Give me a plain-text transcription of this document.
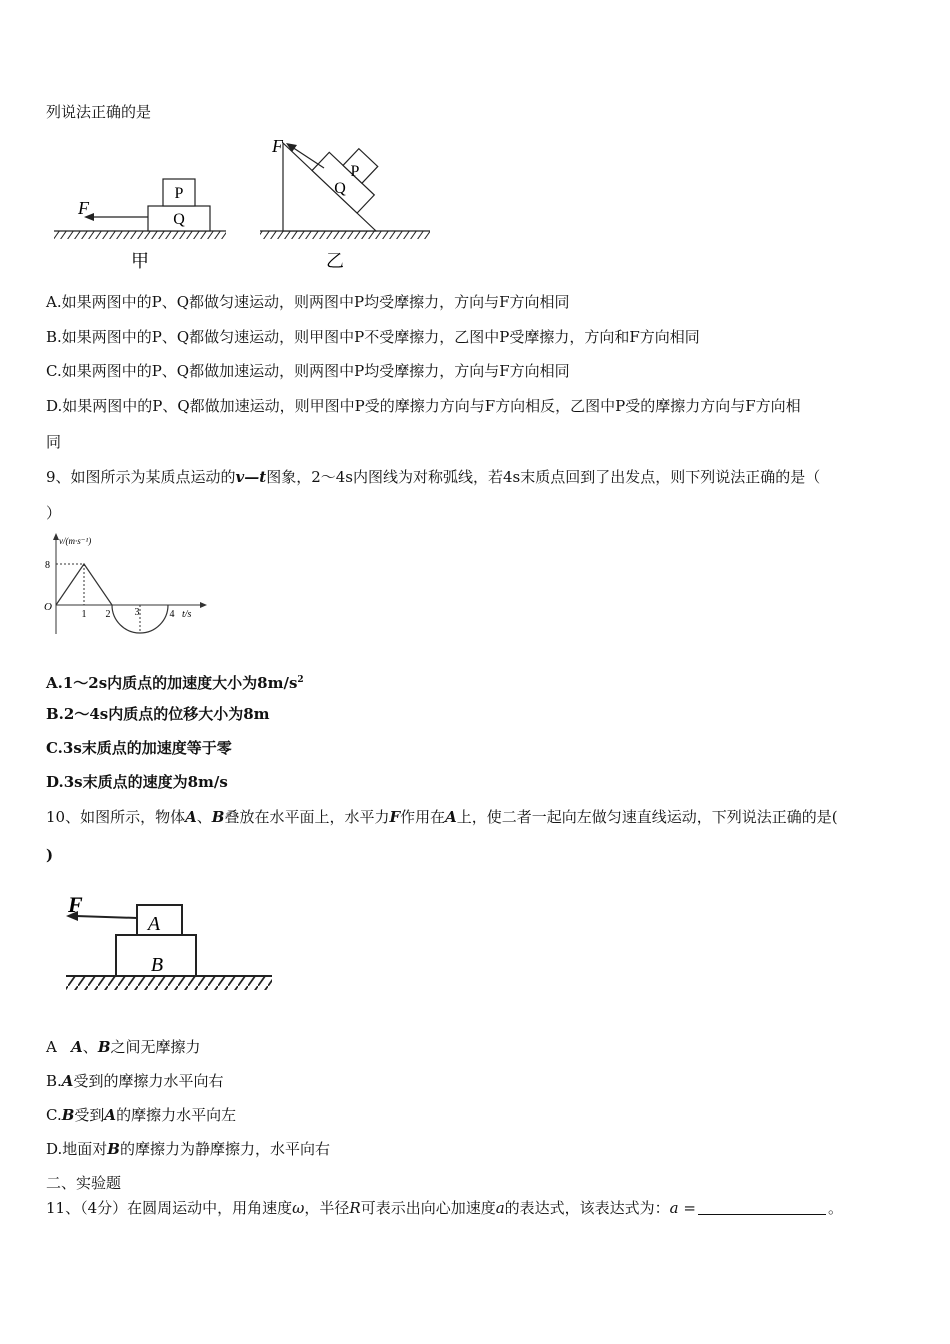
列说法正确的是
P
Q
F
甲
Q
P
F
乙
A.如果两图中的P、Q都做匀速运动，则两图中P均受摩擦力，方向与F方向相同
B.如果两图中的P、Q都做匀速运动，则甲图中P不受摩擦力，乙图中P受摩擦力，方向和F方向相同
C.如果两图中的P、Q都做加速运动，则两图中P均受摩擦力，方向与F方向相同
D.如果两图中的P、Q都做加速运动，则甲图中P受的摩擦力方向与F方向相反，乙图中P受的摩擦力方向与F方向相
同
9、如图所示为某质点运动的v—t图象，2～4s内图线为对称弧线，若4s末质点回到了出发点，则下列说法正确的是（
）
v/(m·s⁻¹)
8
O
1 2 3	4 t/s
A.1～2s内质点的加速度大小为$8m/s^2$
B.2～4s内质点的位移大小为8m
C.3s末质点的加速度等于零
D.3s末质点的速度为8m/s
10、如图所示，物体A、B叠放在水平面上，水平力F作用在A上，使二者一起向左做匀速直线运动，下列说法正确的是(
)
A
B
F
A A、B之间无摩擦力
B.A受到的摩擦力水平向右
C.B受到A的摩擦力水平向左
D.地面对B的摩擦力为静摩擦力，水平向右
二、实验题
11、（4分）在圆周运动中，用角速度ω，半径R可表示出向心加速度a的表达式，该表达式为：a =	。
